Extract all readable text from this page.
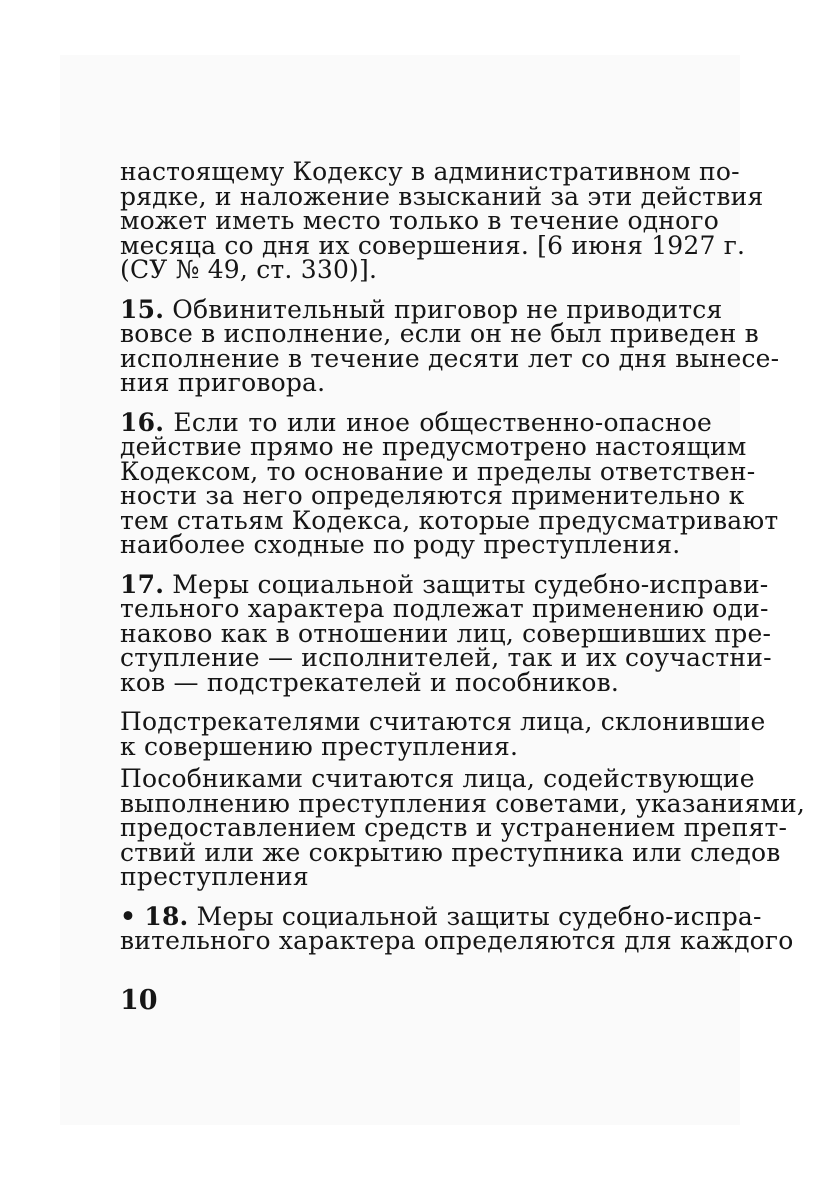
настоящему Кодексу в административном по-
рядке, и наложение взысканий за эти действия
может иметь место только в течение одного
месяца со дня их совершения. [6 июня 1927 г.
(СУ № 49, ст. 330)].

15. Обвинительный приговор не приводится
вовсе в исполнение, если он не был приведен в
исполнение в течение десяти лет со дня вынесе-
ния приговора.

16. Если то или иное общественно-опасное
действие прямо не предусмотрено настоящим
Кодексом, то основание и пределы ответствен-
ности за него определяются применительно к
тем статьям Кодекса, которые предусматривают
наиболее сходные по роду преступления.

17. Меры социальной защиты судебно-исправи-
тельного характера подлежат применению оди-
наково как в отношении лиц, совершивших пре-
ступление — исполнителей, так и их соучастни-
ков — подстрекателей и пособников.

Подстрекателями считаются лица, склонившие
к совершению преступления.

Пособниками считаются лица, содействующие
выполнению преступления советами, указаниями,
предоставлением средств и устранением препят-
ствий или же сокрытию преступника или следов
преступления

• 18. Меры социальной защиты судебно-испра-
вительного характера определяются для каждого

10
